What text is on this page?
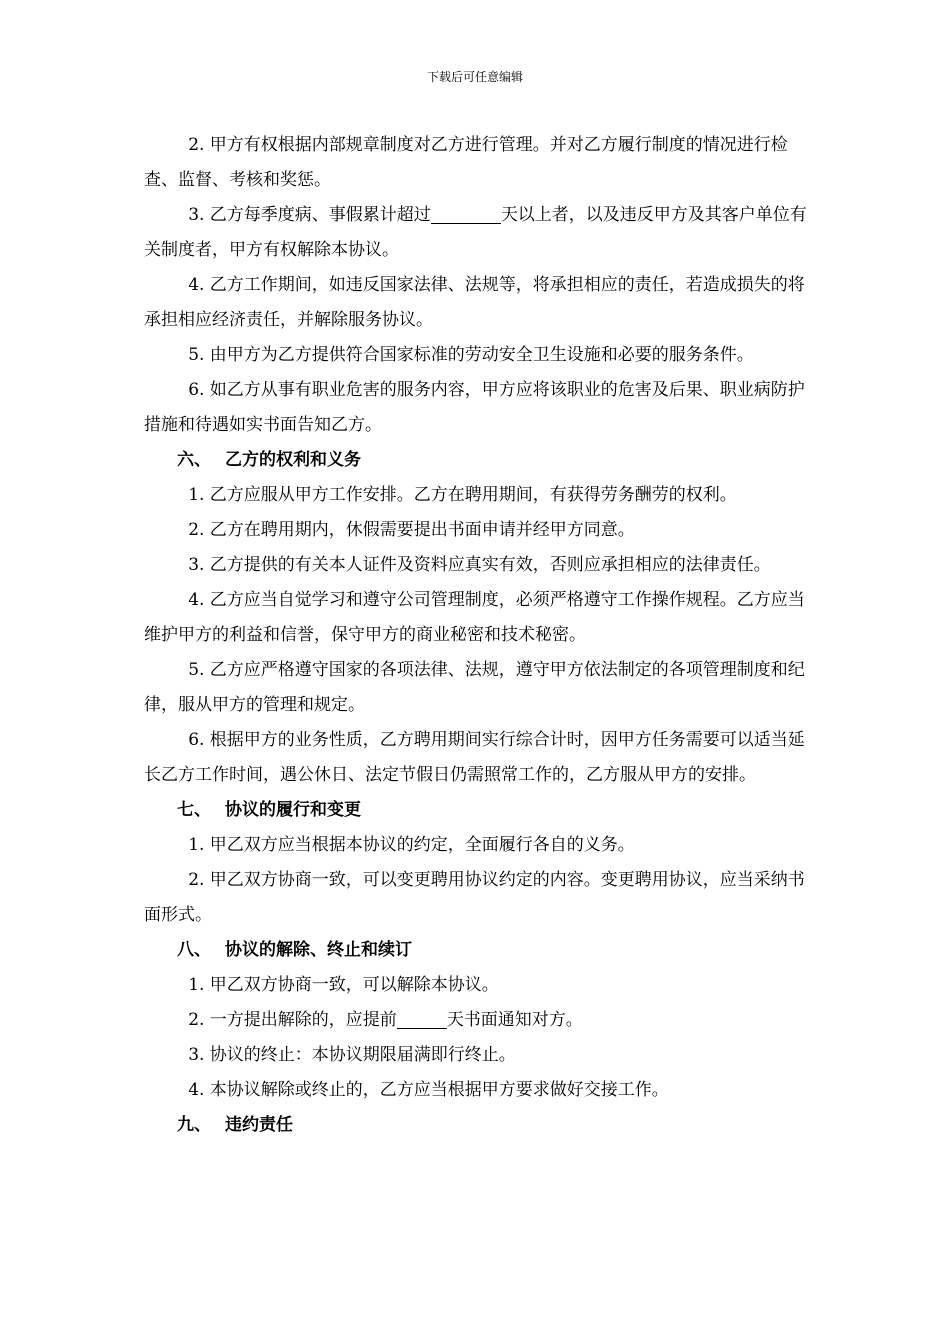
下载后可任意编辑

2. 甲方有权根据内部规章制度对乙方进行管理。并对乙方履行制度的情况进行检查、监督、考核和奖惩。

3. 乙方每季度病、事假累计超过	天以上者，以及违反甲方及其客户单位有关制度者，甲方有权解除本协议。

4. 乙方工作期间，如违反国家法律、法规等，将承担相应的责任，若造成损失的将承担相应经济责任，并解除服务协议。

5. 由甲方为乙方提供符合国家标准的劳动安全卫生设施和必要的服务条件。

6. 如乙方从事有职业危害的服务内容，甲方应将该职业的危害及后果、职业病防护措施和待遇如实书面告知乙方。

六、 乙方的权利和义务

1. 乙方应服从甲方工作安排。乙方在聘用期间，有获得劳务酬劳的权利。

2. 乙方在聘用期内，休假需要提出书面申请并经甲方同意。

3. 乙方提供的有关本人证件及资料应真实有效，否则应承担相应的法律责任。

4. 乙方应当自觉学习和遵守公司管理制度，必须严格遵守工作操作规程。乙方应当维护甲方的利益和信誉，保守甲方的商业秘密和技术秘密。

5. 乙方应严格遵守国家的各项法律、法规，遵守甲方依法制定的各项管理制度和纪律，服从甲方的管理和规定。

6. 根据甲方的业务性质，乙方聘用期间实行综合计时，因甲方任务需要可以适当延长乙方工作时间，遇公休日、法定节假日仍需照常工作的，乙方服从甲方的安排。

七、 协议的履行和变更

1. 甲乙双方应当根据本协议的约定，全面履行各自的义务。

2. 甲乙双方协商一致，可以变更聘用协议约定的内容。变更聘用协议，应当采纳书面形式。

八、 协议的解除、终止和续订

1. 甲乙双方协商一致，可以解除本协议。

2. 一方提出解除的，应提前	天书面通知对方。

3. 协议的终止：本协议期限届满即行终止。

4. 本协议解除或终止的，乙方应当根据甲方要求做好交接工作。

九、 违约责任
